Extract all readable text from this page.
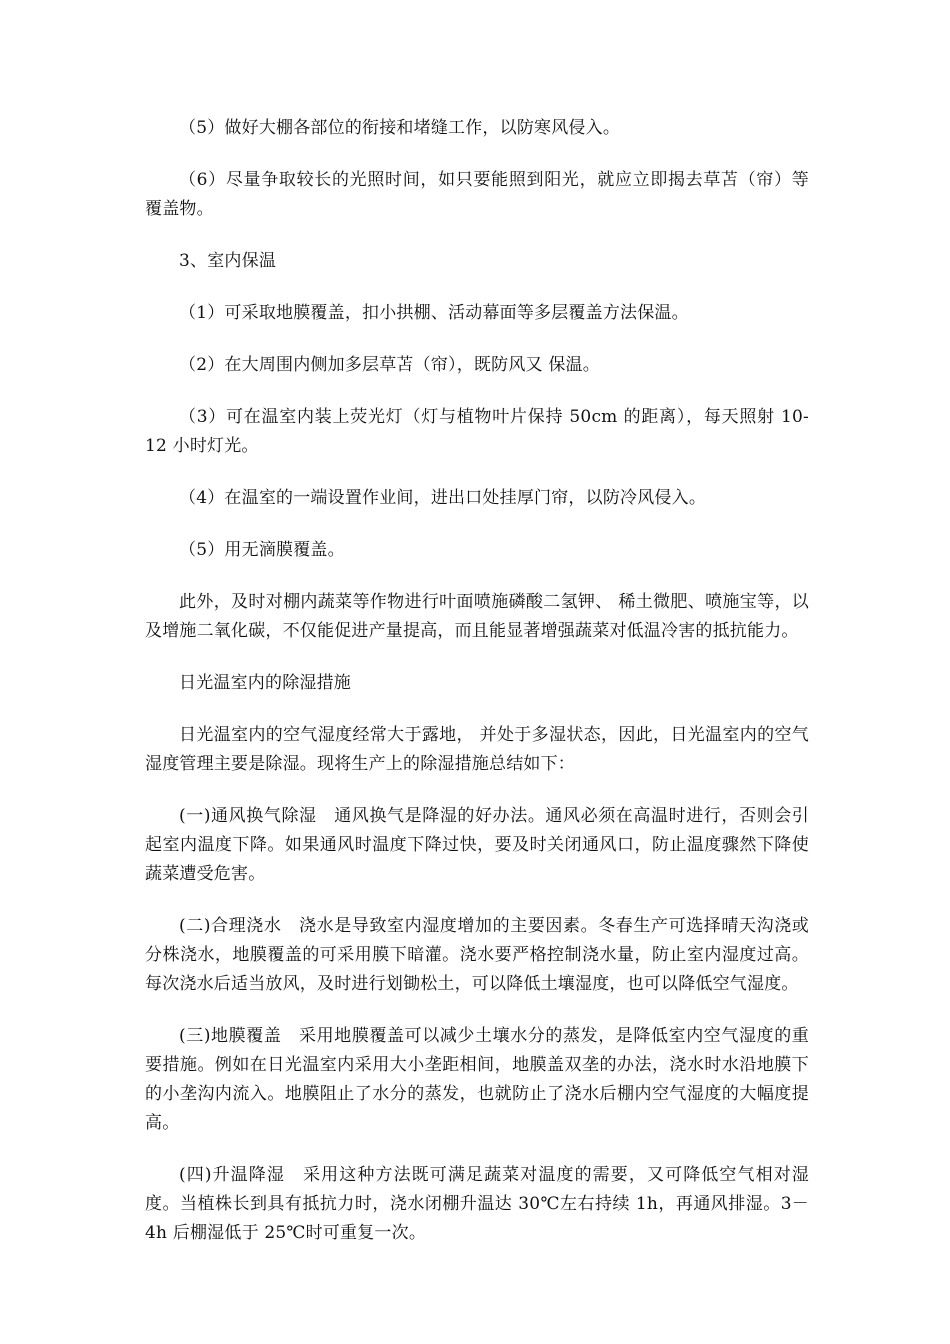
（5）做好大棚各部位的衔接和堵缝工作，以防寒风侵入。

（6）尽量争取较长的光照时间，如只要能照到阳光，就应立即揭去草苫（帘）等覆盖物。

3、室内保温

（1）可采取地膜覆盖，扣小拱棚、活动幕面等多层覆盖方法保温。

（2）在大周围内侧加多层草苫（帘），既防风又 保温。

（3）可在温室内装上荧光灯（灯与植物叶片保持 50cm 的距离），每天照射 10-12 小时灯光。

（4）在温室的一端设置作业间，进出口处挂厚门帘，以防冷风侵入。

（5）用无滴膜覆盖。

此外，及时对棚内蔬菜等作物进行叶面喷施磷酸二氢钾、 稀土微肥、喷施宝等，以及增施二氧化碳，不仅能促进产量提高，而且能显著增强蔬菜对低温冷害的抵抗能力。

日光温室内的除湿措施

日光温室内的空气湿度经常大于露地， 并处于多湿状态，因此，日光温室内的空气湿度管理主要是除湿。现将生产上的除湿措施总结如下：

(一)通风换气除湿　通风换气是降湿的好办法。通风必须在高温时进行，否则会引起室内温度下降。如果通风时温度下降过快，要及时关闭通风口，防止温度骤然下降使蔬菜遭受危害。

(二)合理浇水　浇水是导致室内湿度增加的主要因素。冬春生产可选择晴天沟浇或分株浇水，地膜覆盖的可采用膜下暗灌。浇水要严格控制浇水量，防止室内湿度过高。每次浇水后适当放风，及时进行划锄松土，可以降低土壤湿度，也可以降低空气湿度。

(三)地膜覆盖　采用地膜覆盖可以减少土壤水分的蒸发，是降低室内空气湿度的重要措施。例如在日光温室内采用大小垄距相间，地膜盖双垄的办法，浇水时水沿地膜下的小垄沟内流入。地膜阻止了水分的蒸发，也就防止了浇水后棚内空气湿度的大幅度提高。

(四)升温降湿　采用这种方法既可满足蔬菜对温度的需要，又可降低空气相对湿度。当植株长到具有抵抗力时，浇水闭棚升温达 30℃左右持续 1h，再通风排湿。3－4h 后棚湿低于 25℃时可重复一次。
